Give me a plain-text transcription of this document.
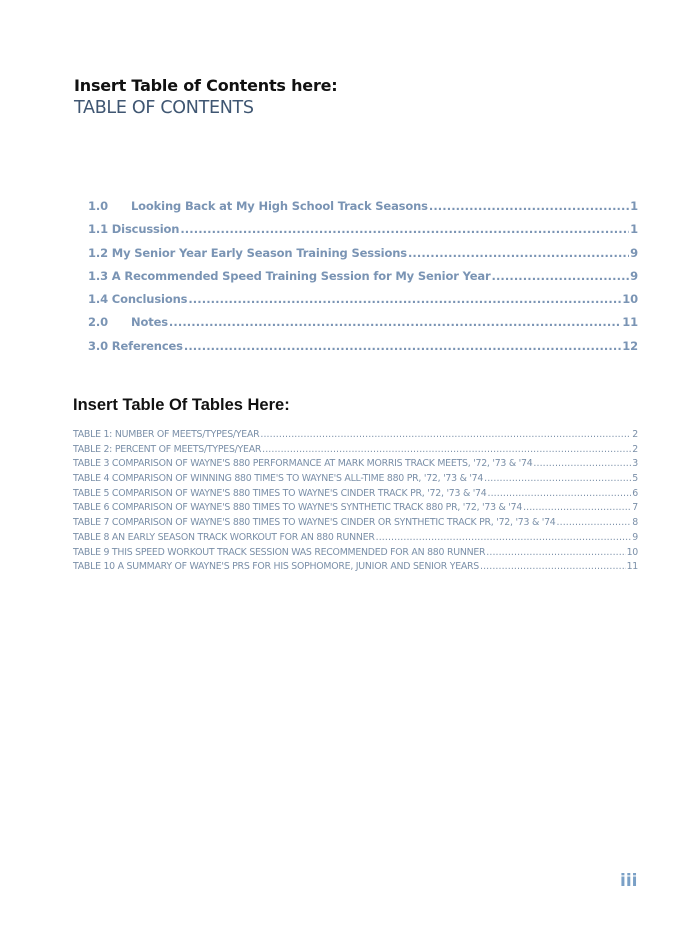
Insert Table of Contents here:
TABLE OF CONTENTS
1.0	Looking Back at My High School Track Seasons .....	1
1.1 Discussion .....	1
1.2 My Senior Year Early Season Training Sessions .....	9
1.3 A Recommended Speed Training Session for My Senior Year .....	9
1.4 Conclusions .....	10
2.0	Notes .....	11
3.0 References .....	12
Insert Table Of Tables Here:
TABLE 1: NUMBER OF MEETS/TYPES/YEAR .....	2
TABLE 2: PERCENT OF MEETS/TYPES/YEAR .....	2
TABLE 3 COMPARISON OF WAYNE'S 880 PERFORMANCE AT MARK MORRIS TRACK MEETS, '72, '73 & '74 .....	3
TABLE 4 COMPARISON OF WINNING 880 TIME'S TO WAYNE'S ALL-TIME 880 PR, '72, '73 & '74 .....	5
TABLE 5 COMPARISON OF WAYNE'S 880 TIMES TO WAYNE'S CINDER TRACK PR, '72, '73 & '74 .....	6
TABLE 6 COMPARISON OF WAYNE'S 880 TIMES TO WAYNE'S SYNTHETIC TRACK 880 PR, '72, '73 & '74 .....	7
TABLE 7 COMPARISON OF WAYNE'S 880 TIMES TO WAYNE'S CINDER OR SYNTHETIC TRACK PR, '72, '73 & '74 .....	8
TABLE 8 AN EARLY SEASON TRACK WORKOUT FOR AN 880 RUNNER .....	9
TABLE 9 THIS SPEED WORKOUT TRACK SESSION WAS RECOMMENDED FOR AN 880 RUNNER .....	10
TABLE 10 A SUMMARY OF WAYNE'S PRS FOR HIS SOPHOMORE, JUNIOR AND SENIOR YEARS .....	11
iii
